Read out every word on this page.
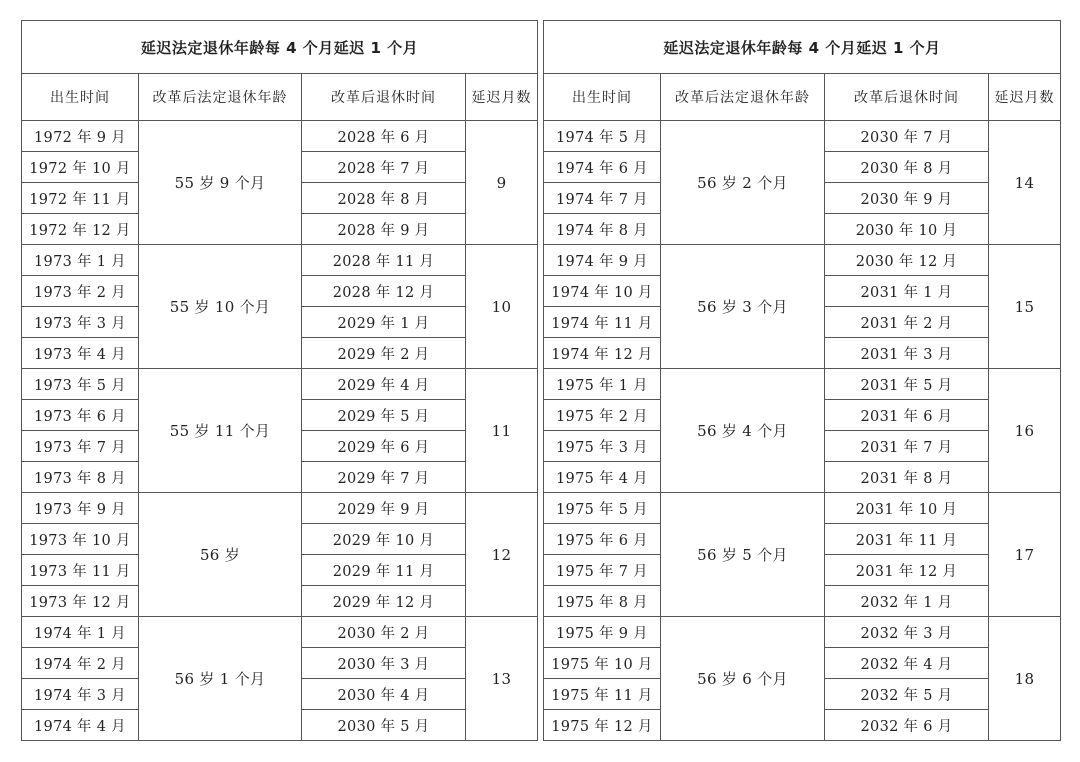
延迟法定退休年龄每 4 个月延迟 1 个月			
出生时间	改革后法定退休年龄	改革后退休时间	延迟月数
1972 年 9 月	55 岁 9 个月	2028 年 6 月	9
1972 年 10 月		2028 年 7 月	
1972 年 11 月		2028 年 8 月	
1972 年 12 月		2028 年 9 月	
1973 年 1 月	55 岁 10 个月	2028 年 11 月	10
1973 年 2 月		2028 年 12 月	
1973 年 3 月		2029 年 1 月	
1973 年 4 月		2029 年 2 月	
1973 年 5 月	55 岁 11 个月	2029 年 4 月	11
1973 年 6 月		2029 年 5 月	
1973 年 7 月		2029 年 6 月	
1973 年 8 月		2029 年 7 月	
1973 年 9 月	56 岁	2029 年 9 月	12
1973 年 10 月		2029 年 10 月	
1973 年 11 月		2029 年 11 月	
1973 年 12 月		2029 年 12 月	
1974 年 1 月	56 岁 1 个月	2030 年 2 月	13
1974 年 2 月		2030 年 3 月	
1974 年 3 月		2030 年 4 月	
1974 年 4 月		2030 年 5 月	
延迟法定退休年龄每 4 个月延迟 1 个月			
出生时间	改革后法定退休年龄	改革后退休时间	延迟月数
1974 年 5 月	56 岁 2 个月	2030 年 7 月	14
1974 年 6 月		2030 年 8 月	
1974 年 7 月		2030 年 9 月	
1974 年 8 月		2030 年 10 月	
1974 年 9 月	56 岁 3 个月	2030 年 12 月	15
1974 年 10 月		2031 年 1 月	
1974 年 11 月		2031 年 2 月	
1974 年 12 月		2031 年 3 月	
1975 年 1 月	56 岁 4 个月	2031 年 5 月	16
1975 年 2 月		2031 年 6 月	
1975 年 3 月		2031 年 7 月	
1975 年 4 月		2031 年 8 月	
1975 年 5 月	56 岁 5 个月	2031 年 10 月	17
1975 年 6 月		2031 年 11 月	
1975 年 7 月		2031 年 12 月	
1975 年 8 月		2032 年 1 月	
1975 年 9 月	56 岁 6 个月	2032 年 3 月	18
1975 年 10 月		2032 年 4 月	
1975 年 11 月		2032 年 5 月	
1975 年 12 月		2032 年 6 月	
